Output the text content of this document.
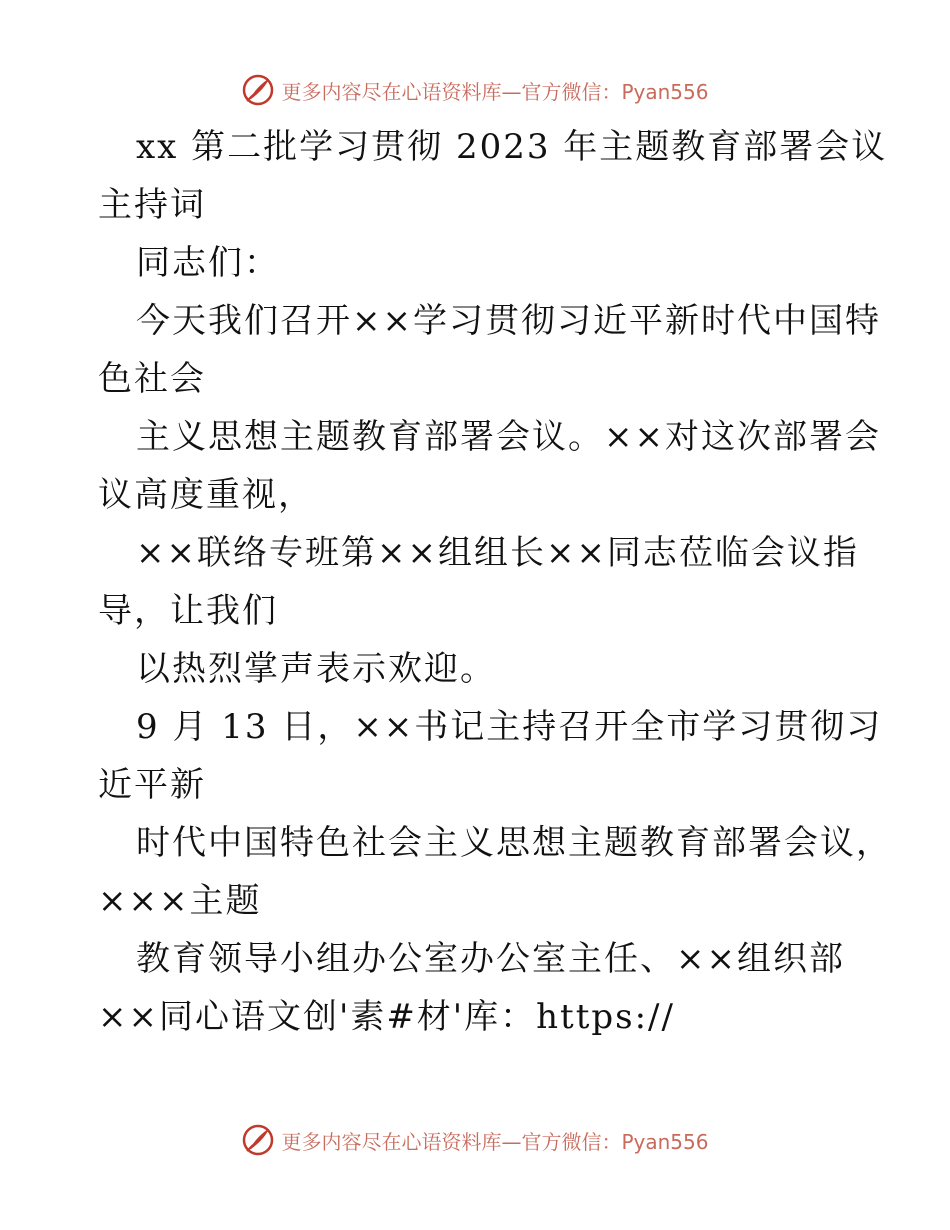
更多内容尽在心语资料库—官方微信：Pyan556
xx 第二批学习贯彻 2023 年主题教育部署会议
主持词
同志们：
今天我们召开××学习贯彻习近平新时代中国特
色社会
主义思想主题教育部署会议。××对这次部署会
议高度重视，
××联络专班第××组组长××同志莅临会议指
导，让我们
以热烈掌声表示欢迎。
9 月 13 日，××书记主持召开全市学习贯彻习
近平新
时代中国特色社会主义思想主题教育部署会议，
×××主题
教育领导小组办公室办公室主任、××组织部
××同心语文创'素#材'库：https://
更多内容尽在心语资料库—官方微信：Pyan556
